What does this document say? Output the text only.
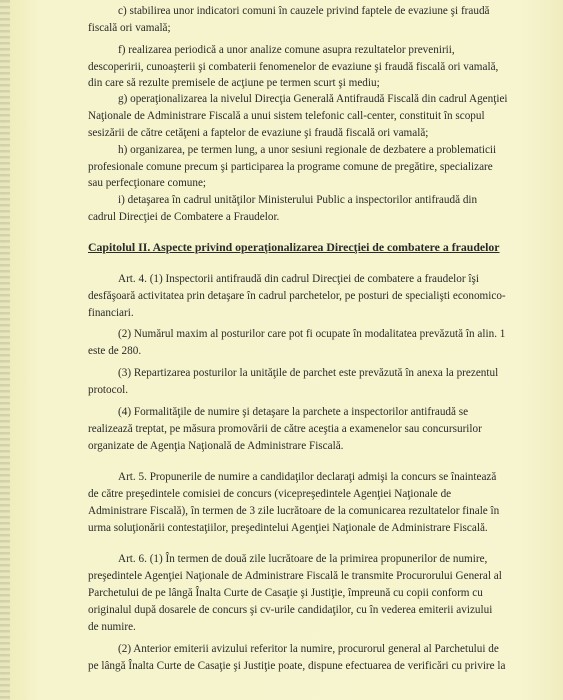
c) stabilirea unor indicatori comuni în cauzele privind faptele de evaziune şi fraudă
fiscală ori vamală;
f) realizarea periodică a unor analize comune asupra rezultatelor prevenirii,
descoperirii, cunoaşterii şi combaterii fenomenelor de evaziune şi fraudă fiscală ori vamală,
din care să rezulte premisele de acţiune pe termen scurt şi mediu;
g) operaţionalizarea la nivelul Direcţia Generală Antifraudă Fiscală din cadrul Agenţiei
Naţionale de Administrare Fiscală a unui sistem telefonic call-center, constituit în scopul
sesizării de către cetăţeni a faptelor de evaziune şi fraudă fiscală ori vamală;
h) organizarea, pe termen lung, a unor sesiuni regionale de dezbatere a problematicii
profesionale comune precum şi participarea la programe comune de pregătire, specializare
sau perfecţionare comune;
i) detaşarea în cadrul unităţilor Ministerului Public a inspectorilor antifraudă din
cadrul Direcţiei de Combatere a Fraudelor.
Capitolul II. Aspecte privind operaţionalizarea Direcţiei de combatere a fraudelor
Art. 4. (1) Inspectorii antifraudă din cadrul Direcţiei de combatere a fraudelor îşi
desfăşoară activitatea prin detaşare în cadrul parchetelor, pe posturi de specialişti economico-
financiari.
(2) Numărul maxim al posturilor care pot fi ocupate în modalitatea prevăzută în alin. 1
este de 280.
(3) Repartizarea posturilor la unităţile de parchet este prevăzută în anexa la prezentul
protocol.
(4) Formalităţile de numire şi detaşare la parchete a inspectorilor antifraudă se
realizează treptat, pe măsura promovării de către aceştia a examenelor sau concursurilor
organizate de Agenţia Naţională de Administrare Fiscală.
Art. 5. Propunerile de numire a candidaţilor declaraţi admişi la concurs se înaintează
de către preşedintele comisiei de concurs (vicepreşedintele Agenţiei Naţionale de
Administrare Fiscală), în termen de 3 zile lucrătoare de la comunicarea rezultatelor finale în
urma soluţionării contestaţiilor, preşedintelui Agenţiei Naţionale de Administrare Fiscală.
Art. 6. (1) În termen de două zile lucrătoare de la primirea propunerilor de numire,
preşedintele Agenţiei Naţionale de Administrare Fiscală le transmite Procurorului General al
Parchetului de pe lângă Înalta Curte de Casaţie şi Justiţie, împreună cu copii conform cu
originalul după dosarele de concurs şi cv-urile candidaţilor, cu în vederea emiterii avizului
de numire.
(2) Anterior emiterii avizului referitor la numire, procurorul general al Parchetului de
pe lângă Înalta Curte de Casaţie şi Justiţie poate, dispune efectuarea de verificări cu privire la
